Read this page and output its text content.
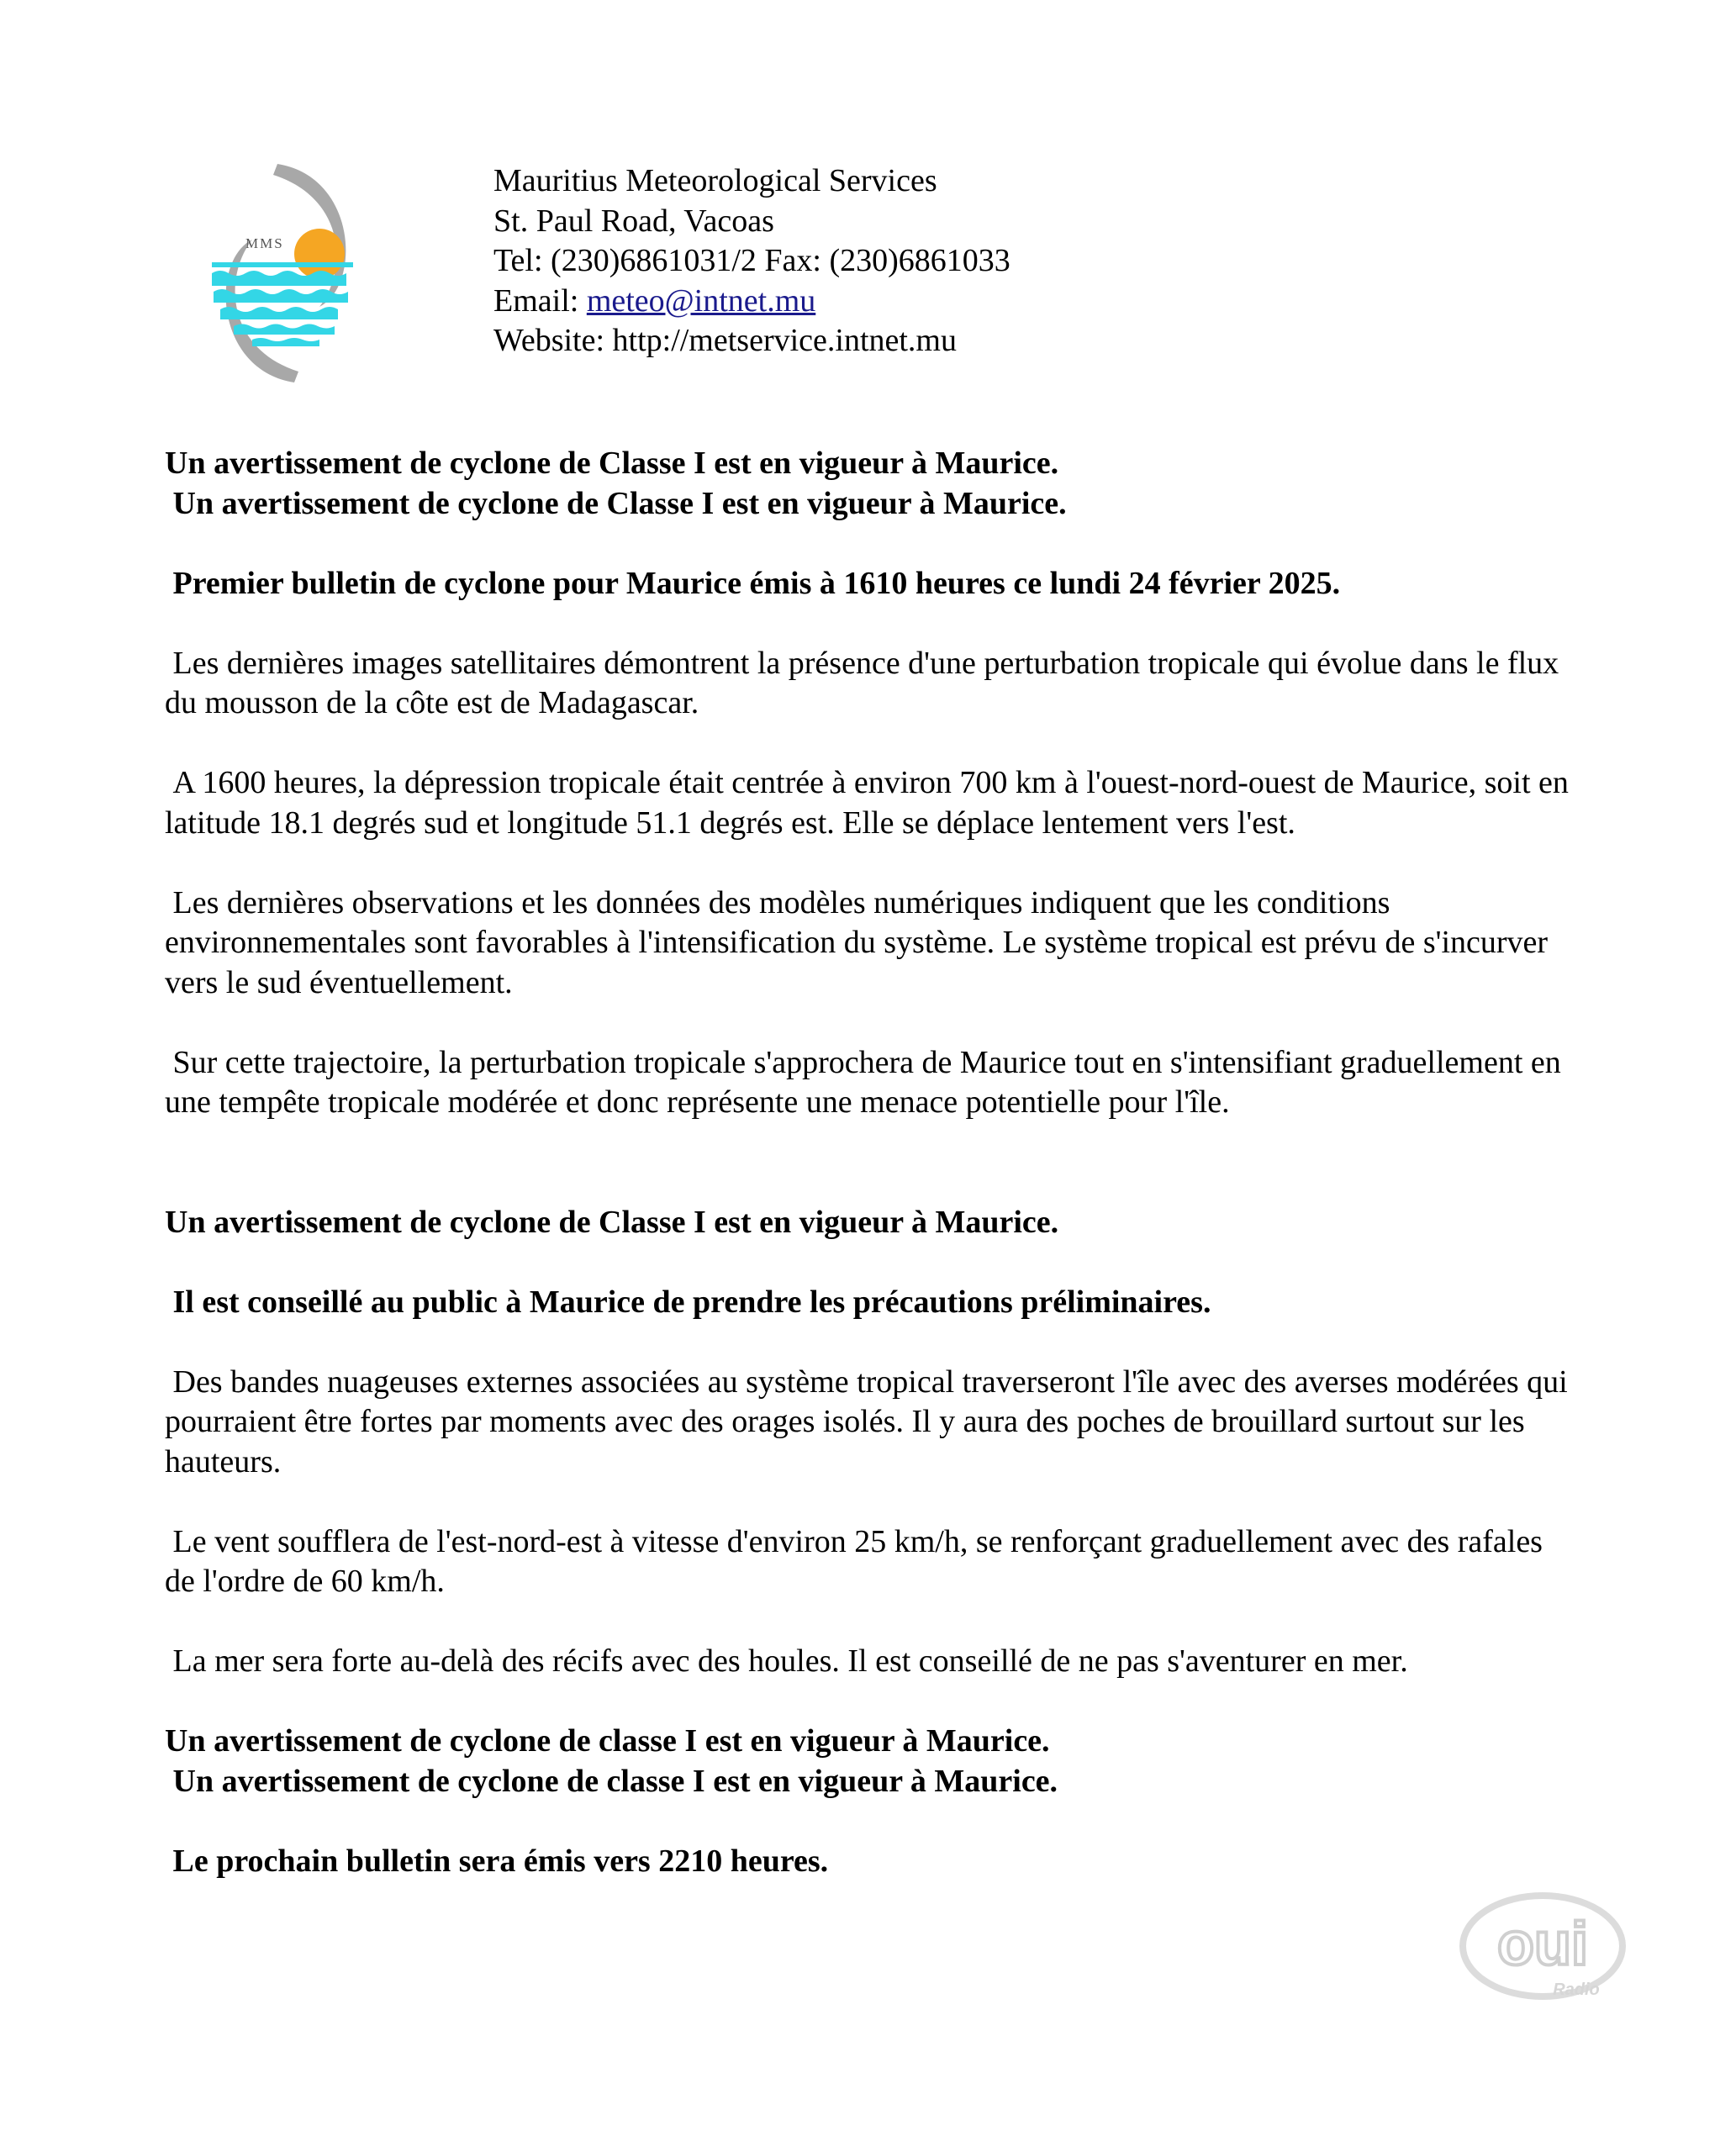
MMS
Mauritius Meteorological Services
St. Paul Road, Vacoas
Tel: (230)6861031/2 Fax: (230)6861033
Email: meteo@intnet.mu
Website: http://metservice.intnet.mu

Un avertissement de cyclone de Classe I est en vigueur à Maurice.

Un avertissement de cyclone de Classe I est en vigueur à Maurice.

Premier bulletin de cyclone pour Maurice émis à 1610 heures ce lundi 24 février 2025.

Les dernières images satellitaires démontrent la présence d'une perturbation tropicale qui évolue dans le flux du mousson de la côte est de Madagascar.

A 1600 heures, la dépression tropicale était centrée à environ 700 km à l'ouest-nord-ouest de Maurice, soit en latitude 18.1 degrés sud et longitude 51.1 degrés est. Elle se déplace lentement vers l'est.

Les dernières observations et les données des modèles numériques indiquent que les conditions environnementales sont favorables à l'intensification du système. Le système tropical est prévu de s'incurver vers le sud éventuellement.

Sur cette trajectoire, la perturbation tropicale s'approchera de Maurice tout en s'intensifiant graduellement en une tempête tropicale modérée et donc représente une menace potentielle pour l'île.

Un avertissement de cyclone de Classe I est en vigueur à Maurice.

Il est conseillé au public à Maurice de prendre les précautions préliminaires.

Des bandes nuageuses externes associées au système tropical traverseront l'île avec des averses modérées qui pourraient être fortes par moments avec des orages isolés. Il y aura des poches de brouillard surtout sur les hauteurs.

Le vent soufflera de l'est-nord-est à vitesse d'environ 25 km/h, se renforçant graduellement avec des rafales de l'ordre de 60 km/h.

La mer sera forte au-delà des récifs avec des houles. Il est conseillé de ne pas s'aventurer en mer.

Un avertissement de cyclone de classe I est en vigueur à Maurice.

Un avertissement de cyclone de classe I est en vigueur à Maurice.

Le prochain bulletin sera émis vers 2210 heures.

oui
Radio
